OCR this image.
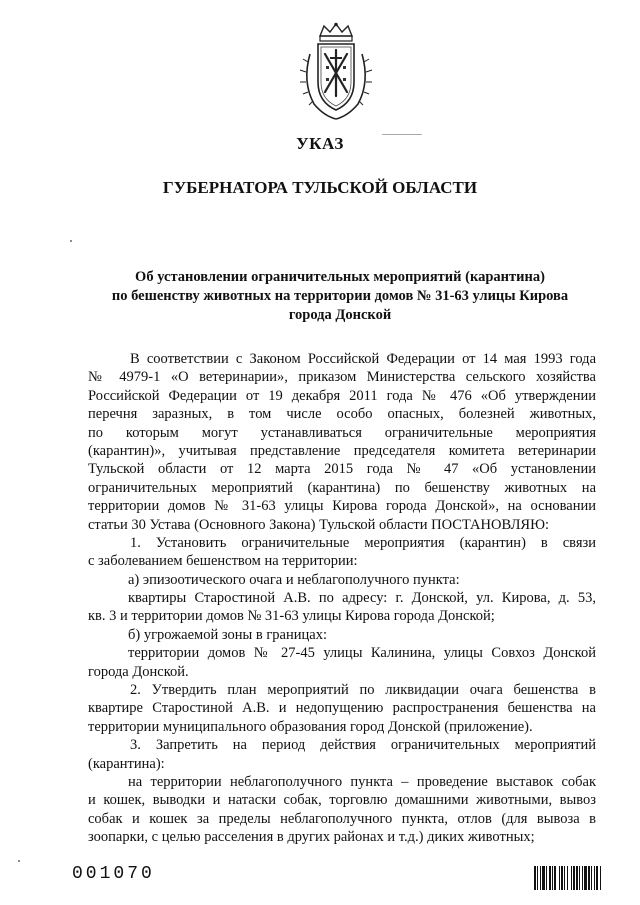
УКАЗ
ГУБЕРНАТОРА ТУЛЬСКОЙ ОБЛАСТИ
Об установлении ограничительных мероприятий (карантина)
по бешенству животных на территории домов № 31-63 улицы Кирова
города Донской
В соответствии с Законом Российской Федерации от 14 мая 1993 года
№ 4979-1 «О ветеринарии», приказом Министерства сельского хозяйства
Российской Федерации от 19 декабря 2011 года № 476 «Об утверждении
перечня заразных, в том числе особо опасных, болезней животных,
по которым могут устанавливаться ограничительные мероприятия
(карантин)», учитывая представление председателя комитета ветеринарии
Тульской области от 12 марта 2015 года № 47 «Об установлении
ограничительных мероприятий (карантина) по бешенству животных на
территории домов № 31-63 улицы Кирова города Донской», на основании
статьи 30 Устава (Основного Закона) Тульской области ПОСТАНОВЛЯЮ:
1. Установить ограничительные мероприятия (карантин) в связи
с заболеванием бешенством на территории:
а) эпизоотического очага и неблагополучного пункта:
квартиры Старостиной А.В. по адресу: г. Донской, ул. Кирова, д. 53,
кв. 3 и территории домов № 31-63 улицы Кирова города Донской;
б) угрожаемой зоны в границах:
территории домов № 27-45 улицы Калинина, улицы Совхоз Донской
города Донской.
2. Утвердить план мероприятий по ликвидации очага бешенства в
квартире Старостиной А.В. и недопущению распространения бешенства на
территории муниципального образования город Донской (приложение).
3. Запретить на период действия ограничительных мероприятий
(карантина):
на территории неблагополучного пункта – проведение выставок собак
и кошек, выводки и натаски собак, торговлю домашними животными, вывоз
собак и кошек за пределы неблагополучного пункта, отлов (для вывоза в
зоопарки, с целью расселения в других районах и т.д.) диких животных;
001070
